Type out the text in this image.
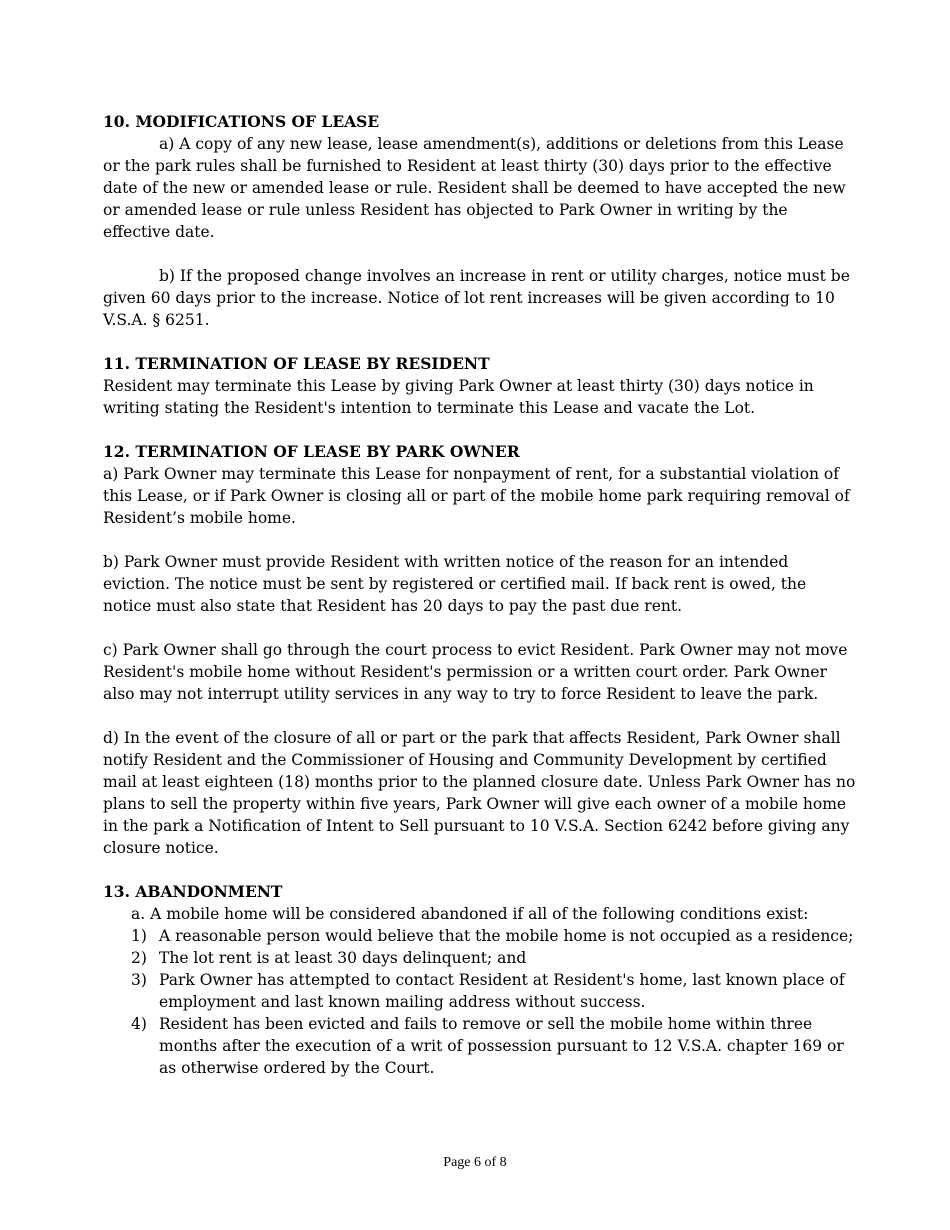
10. MODIFICATIONS OF LEASE

a) A copy of any new lease, lease amendment(s), additions or deletions from this Lease or the park rules shall be furnished to Resident at least thirty (30) days prior to the effective date of the new or amended lease or rule. Resident shall be deemed to have accepted the new or amended lease or rule unless Resident has objected to Park Owner in writing by the effective date.

b) If the proposed change involves an increase in rent or utility charges, notice must be given 60 days prior to the increase. Notice of lot rent increases will be given according to 10 V.S.A. § 6251.

11. TERMINATION OF LEASE BY RESIDENT

Resident may terminate this Lease by giving Park Owner at least thirty (30) days notice in writing stating the Resident's intention to terminate this Lease and vacate the Lot.

12. TERMINATION OF LEASE BY PARK OWNER

a) Park Owner may terminate this Lease for nonpayment of rent, for a substantial violation of this Lease, or if Park Owner is closing all or part of the mobile home park requiring removal of Resident’s mobile home.

b) Park Owner must provide Resident with written notice of the reason for an intended eviction. The notice must be sent by registered or certified mail. If back rent is owed, the notice must also state that Resident has 20 days to pay the past due rent.

c) Park Owner shall go through the court process to evict Resident. Park Owner may not move Resident's mobile home without Resident's permission or a written court order. Park Owner also may not interrupt utility services in any way to try to force Resident to leave the park.

d) In the event of the closure of all or part or the park that affects Resident, Park Owner shall notify Resident and the Commissioner of Housing and Community Development by certified mail at least eighteen (18) months prior to the planned closure date. Unless Park Owner has no plans to sell the property within five years, Park Owner will give each owner of a mobile home in the park a Notification of Intent to Sell pursuant to 10 V.S.A. Section 6242 before giving any closure notice.

13. ABANDONMENT

a. A mobile home will be considered abandoned if all of the following conditions exist:

1) A reasonable person would believe that the mobile home is not occupied as a residence;
2) The lot rent is at least 30 days delinquent; and
3) Park Owner has attempted to contact Resident at Resident's home, last known place of employment and last known mailing address without success.
4) Resident has been evicted and fails to remove or sell the mobile home within three months after the execution of a writ of possession pursuant to 12 V.S.A. chapter 169 or as otherwise ordered by the Court.
Page 6 of 8
